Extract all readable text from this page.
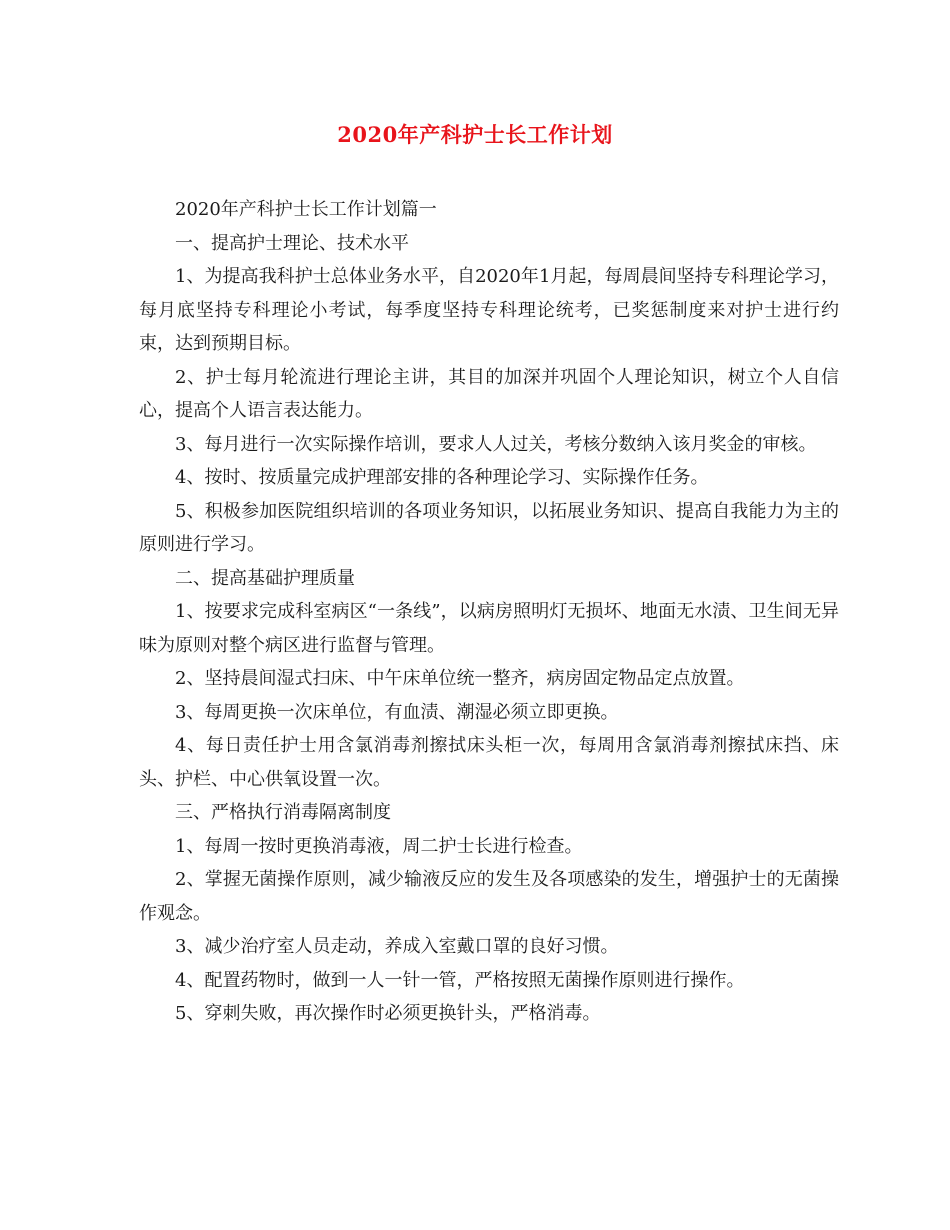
2020年产科护士长工作计划

2020年产科护士长工作计划篇一

一、提高护士理论、技术水平

1、为提高我科护士总体业务水平，自2020年1月起，每周晨间坚持专科理论学习，每月底坚持专科理论小考试，每季度坚持专科理论统考，已奖惩制度来对护士进行约束，达到预期目标。

2、护士每月轮流进行理论主讲，其目的加深并巩固个人理论知识，树立个人自信心，提高个人语言表达能力。

3、每月进行一次实际操作培训，要求人人过关，考核分数纳入该月奖金的审核。

4、按时、按质量完成护理部安排的各种理论学习、实际操作任务。

5、积极参加医院组织培训的各项业务知识，以拓展业务知识、提高自我能力为主的原则进行学习。

二、提高基础护理质量

1、按要求完成科室病区“一条线”，以病房照明灯无损坏、地面无水渍、卫生间无异味为原则对整个病区进行监督与管理。

2、坚持晨间湿式扫床、中午床单位统一整齐，病房固定物品定点放置。

3、每周更换一次床单位，有血渍、潮湿必须立即更换。

4、每日责任护士用含氯消毒剂擦拭床头柜一次，每周用含氯消毒剂擦拭床挡、床头、护栏、中心供氧设置一次。

三、严格执行消毒隔离制度

1、每周一按时更换消毒液，周二护士长进行检查。

2、掌握无菌操作原则，减少输液反应的发生及各项感染的发生，增强护士的无菌操作观念。

3、减少治疗室人员走动，养成入室戴口罩的良好习惯。

4、配置药物时，做到一人一针一管，严格按照无菌操作原则进行操作。

5、穿刺失败，再次操作时必须更换针头，严格消毒。
